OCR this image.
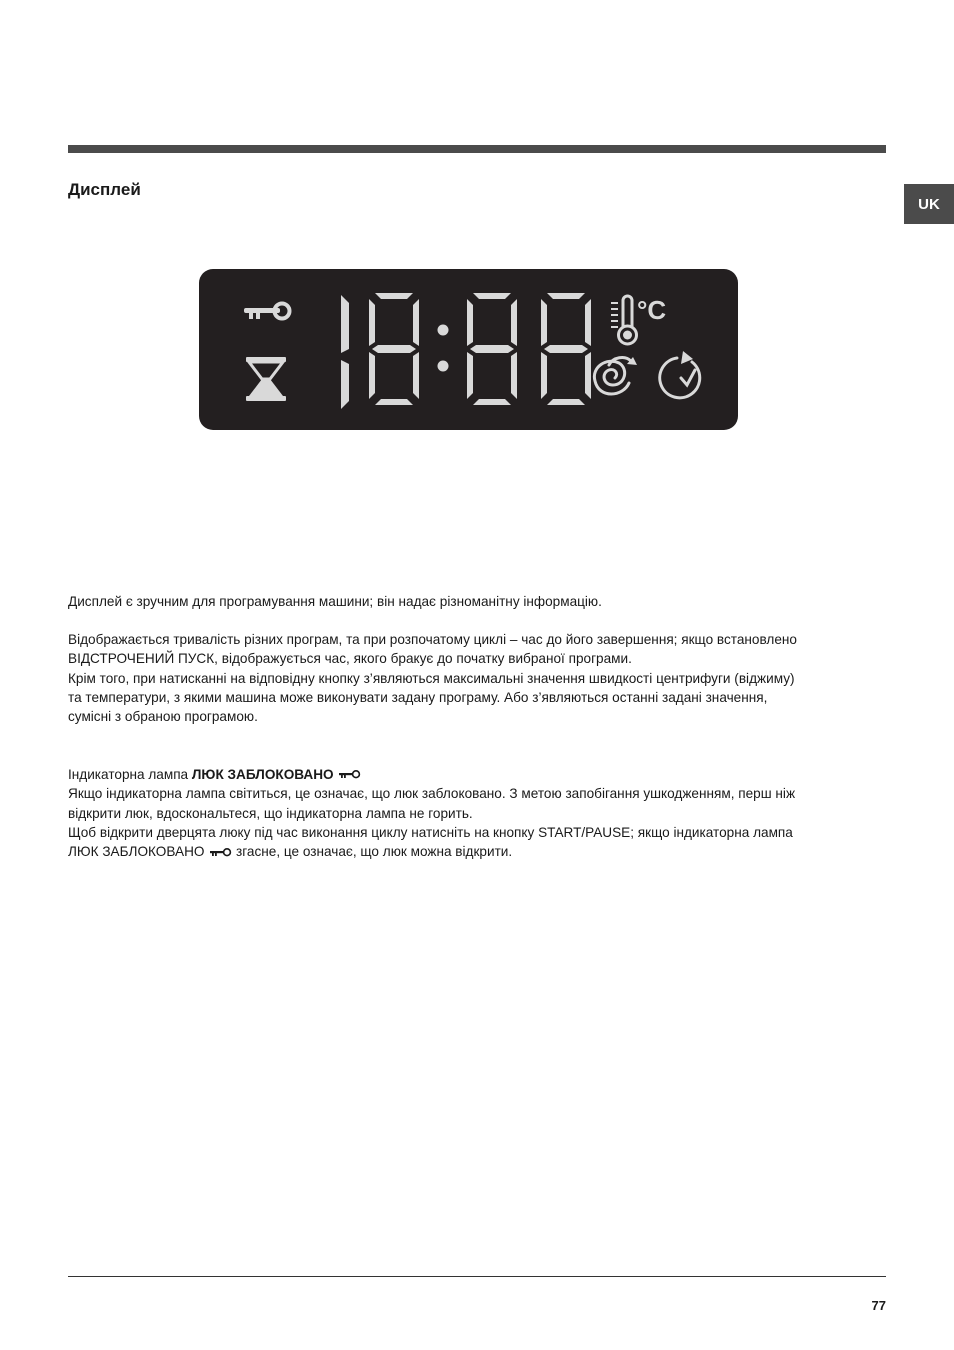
Дисплей
UK
°C

Дисплей є зручним для програмування машини; він надає різноманітну інформацію.

Відображається тривалість різних програм, та при розпочатому циклі – час до його завершення; якщо встановлено

ВІДСТРОЧЕНИЙ ПУСК, відображується час, якого бракує до початку вибраної програми.

Крім того, при натисканні на відповідну кнопку з’являються максимальні значення швидкості центрифуги (віджиму)

та температури, з якими машина може виконувати задану програму. Або з’являються останні задані значення,

сумісні з обраною програмою.

Індикаторна лампа ЛЮК ЗАБЛОКОВАНО

Якщо індикаторна лампа світиться, це означає, що люк заблоковано. З метою запобігання ушкодженням, перш ніж

відкрити люк, вдоскональтеся, що індикаторна лампа не горить.

Щоб відкрити дверцята люку під час виконання циклу натисніть на кнопку START/PAUSE; якщо індикаторна лампа

ЛЮК ЗАБЛОКОВАНО  згасне, це означає, що люк можна відкрити.

77
